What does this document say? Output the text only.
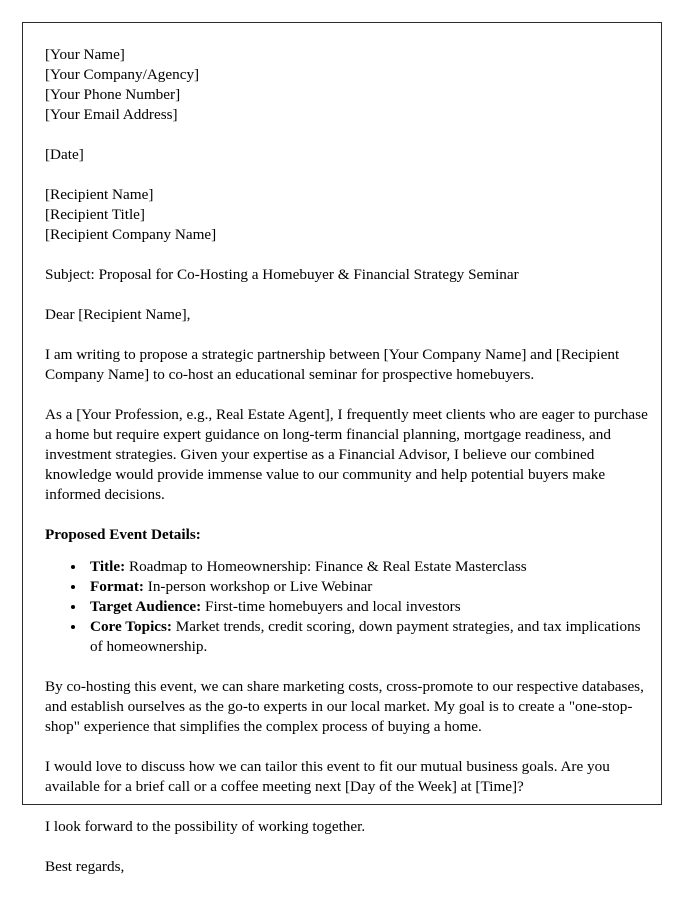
[Your Name]
[Your Company/Agency]
[Your Phone Number]
[Your Email Address]
[Date]
[Recipient Name]
[Recipient Title]
[Recipient Company Name]
Subject: Proposal for Co-Hosting a Homebuyer & Financial Strategy Seminar
Dear [Recipient Name],

I am writing to propose a strategic partnership between [Your Company Name] and [Recipient Company Name] to co-host an educational seminar for prospective homebuyers.

As a [Your Profession, e.g., Real Estate Agent], I frequently meet clients who are eager to purchase a home but require expert guidance on long-term financial planning, mortgage readiness, and investment strategies. Given your expertise as a Financial Advisor, I believe our combined knowledge would provide immense value to our community and help potential buyers make informed decisions.

Proposed Event Details:
• Title: Roadmap to Homeownership: Finance & Real Estate Masterclass
• Format: In-person workshop or Live Webinar
• Target Audience: First-time homebuyers and local investors
• Core Topics: Market trends, credit scoring, down payment strategies, and tax implications of homeownership.

By co-hosting this event, we can share marketing costs, cross-promote to our respective databases, and establish ourselves as the go-to experts in our local market. My goal is to create a "one-stop-shop" experience that simplifies the complex process of buying a home.

I would love to discuss how we can tailor this event to fit our mutual business goals. Are you available for a brief call or a coffee meeting next [Day of the Week] at [Time]?

I look forward to the possibility of working together.

Best regards,
